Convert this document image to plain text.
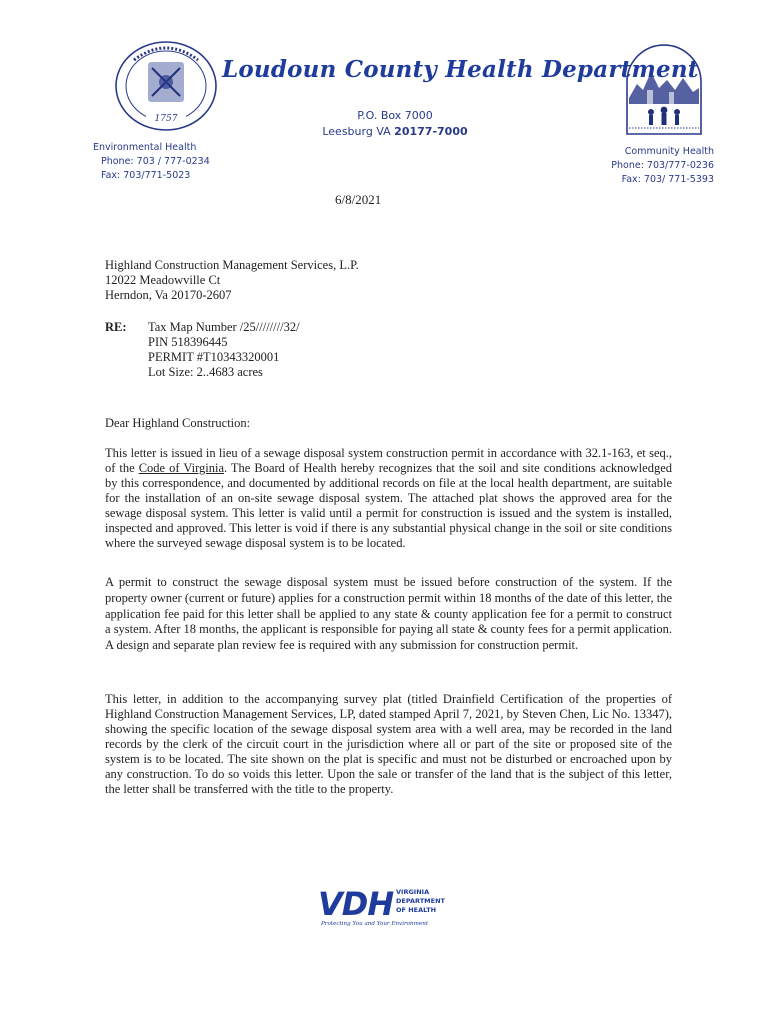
1757
Loudoun County Health Department
P.O. Box 7000
Leesburg VA 20177-7000
Environmental Health
Phone: 703 / 777-0234
Fax: 703/771-5023
Community Health
Phone: 703/777-0236
Fax: 703/ 771-5393
6/8/2021
Highland Construction Management Services, L.P.
12022 Meadowville Ct
Herndon, Va 20170-2607
RE: Tax Map Number /25////////32/
PIN 518396445
PERMIT #T10343320001
Lot Size: 2..4683 acres
Dear Highland Construction:
This letter is issued in lieu of a sewage disposal system construction permit in accordance with 32.1-163, et seq., of the Code of Virginia. The Board of Health hereby recognizes that the soil and site conditions acknowledged by this correspondence, and documented by additional records on file at the local health department, are suitable for the installation of an on-site sewage disposal system. The attached plat shows the approved area for the sewage disposal system. This letter is valid until a permit for construction is issued and the system is installed, inspected and approved. This letter is void if there is any substantial physical change in the soil or site conditions where the surveyed sewage disposal system is to be located.
A permit to construct the sewage disposal system must be issued before construction of the system. If the property owner (current or future) applies for a construction permit within 18 months of the date of this letter, the application fee paid for this letter shall be applied to any state & county application fee for a permit to construct a system. After 18 months, the applicant is responsible for paying all state & county fees for a permit application. A design and separate plan review fee is required with any submission for construction permit.
This letter, in addition to the accompanying survey plat (titled Drainfield Certification of the properties of Highland Construction Management Services, LP, dated stamped April 7, 2021, by Steven Chen, Lic No. 13347), showing the specific location of the sewage disposal system area with a well area, may be recorded in the land records by the clerk of the circuit court in the jurisdiction where all or part of the site or proposed site of the system is to be located. The site shown on the plat is specific and must not be disturbed or encroached upon by any construction. To do so voids this letter. Upon the sale or transfer of the land that is the subject of this letter, the letter shall be transferred with the title to the property.
VDH VIRGINIA
DEPARTMENT
OF HEALTH
Protecting You and Your Environment
